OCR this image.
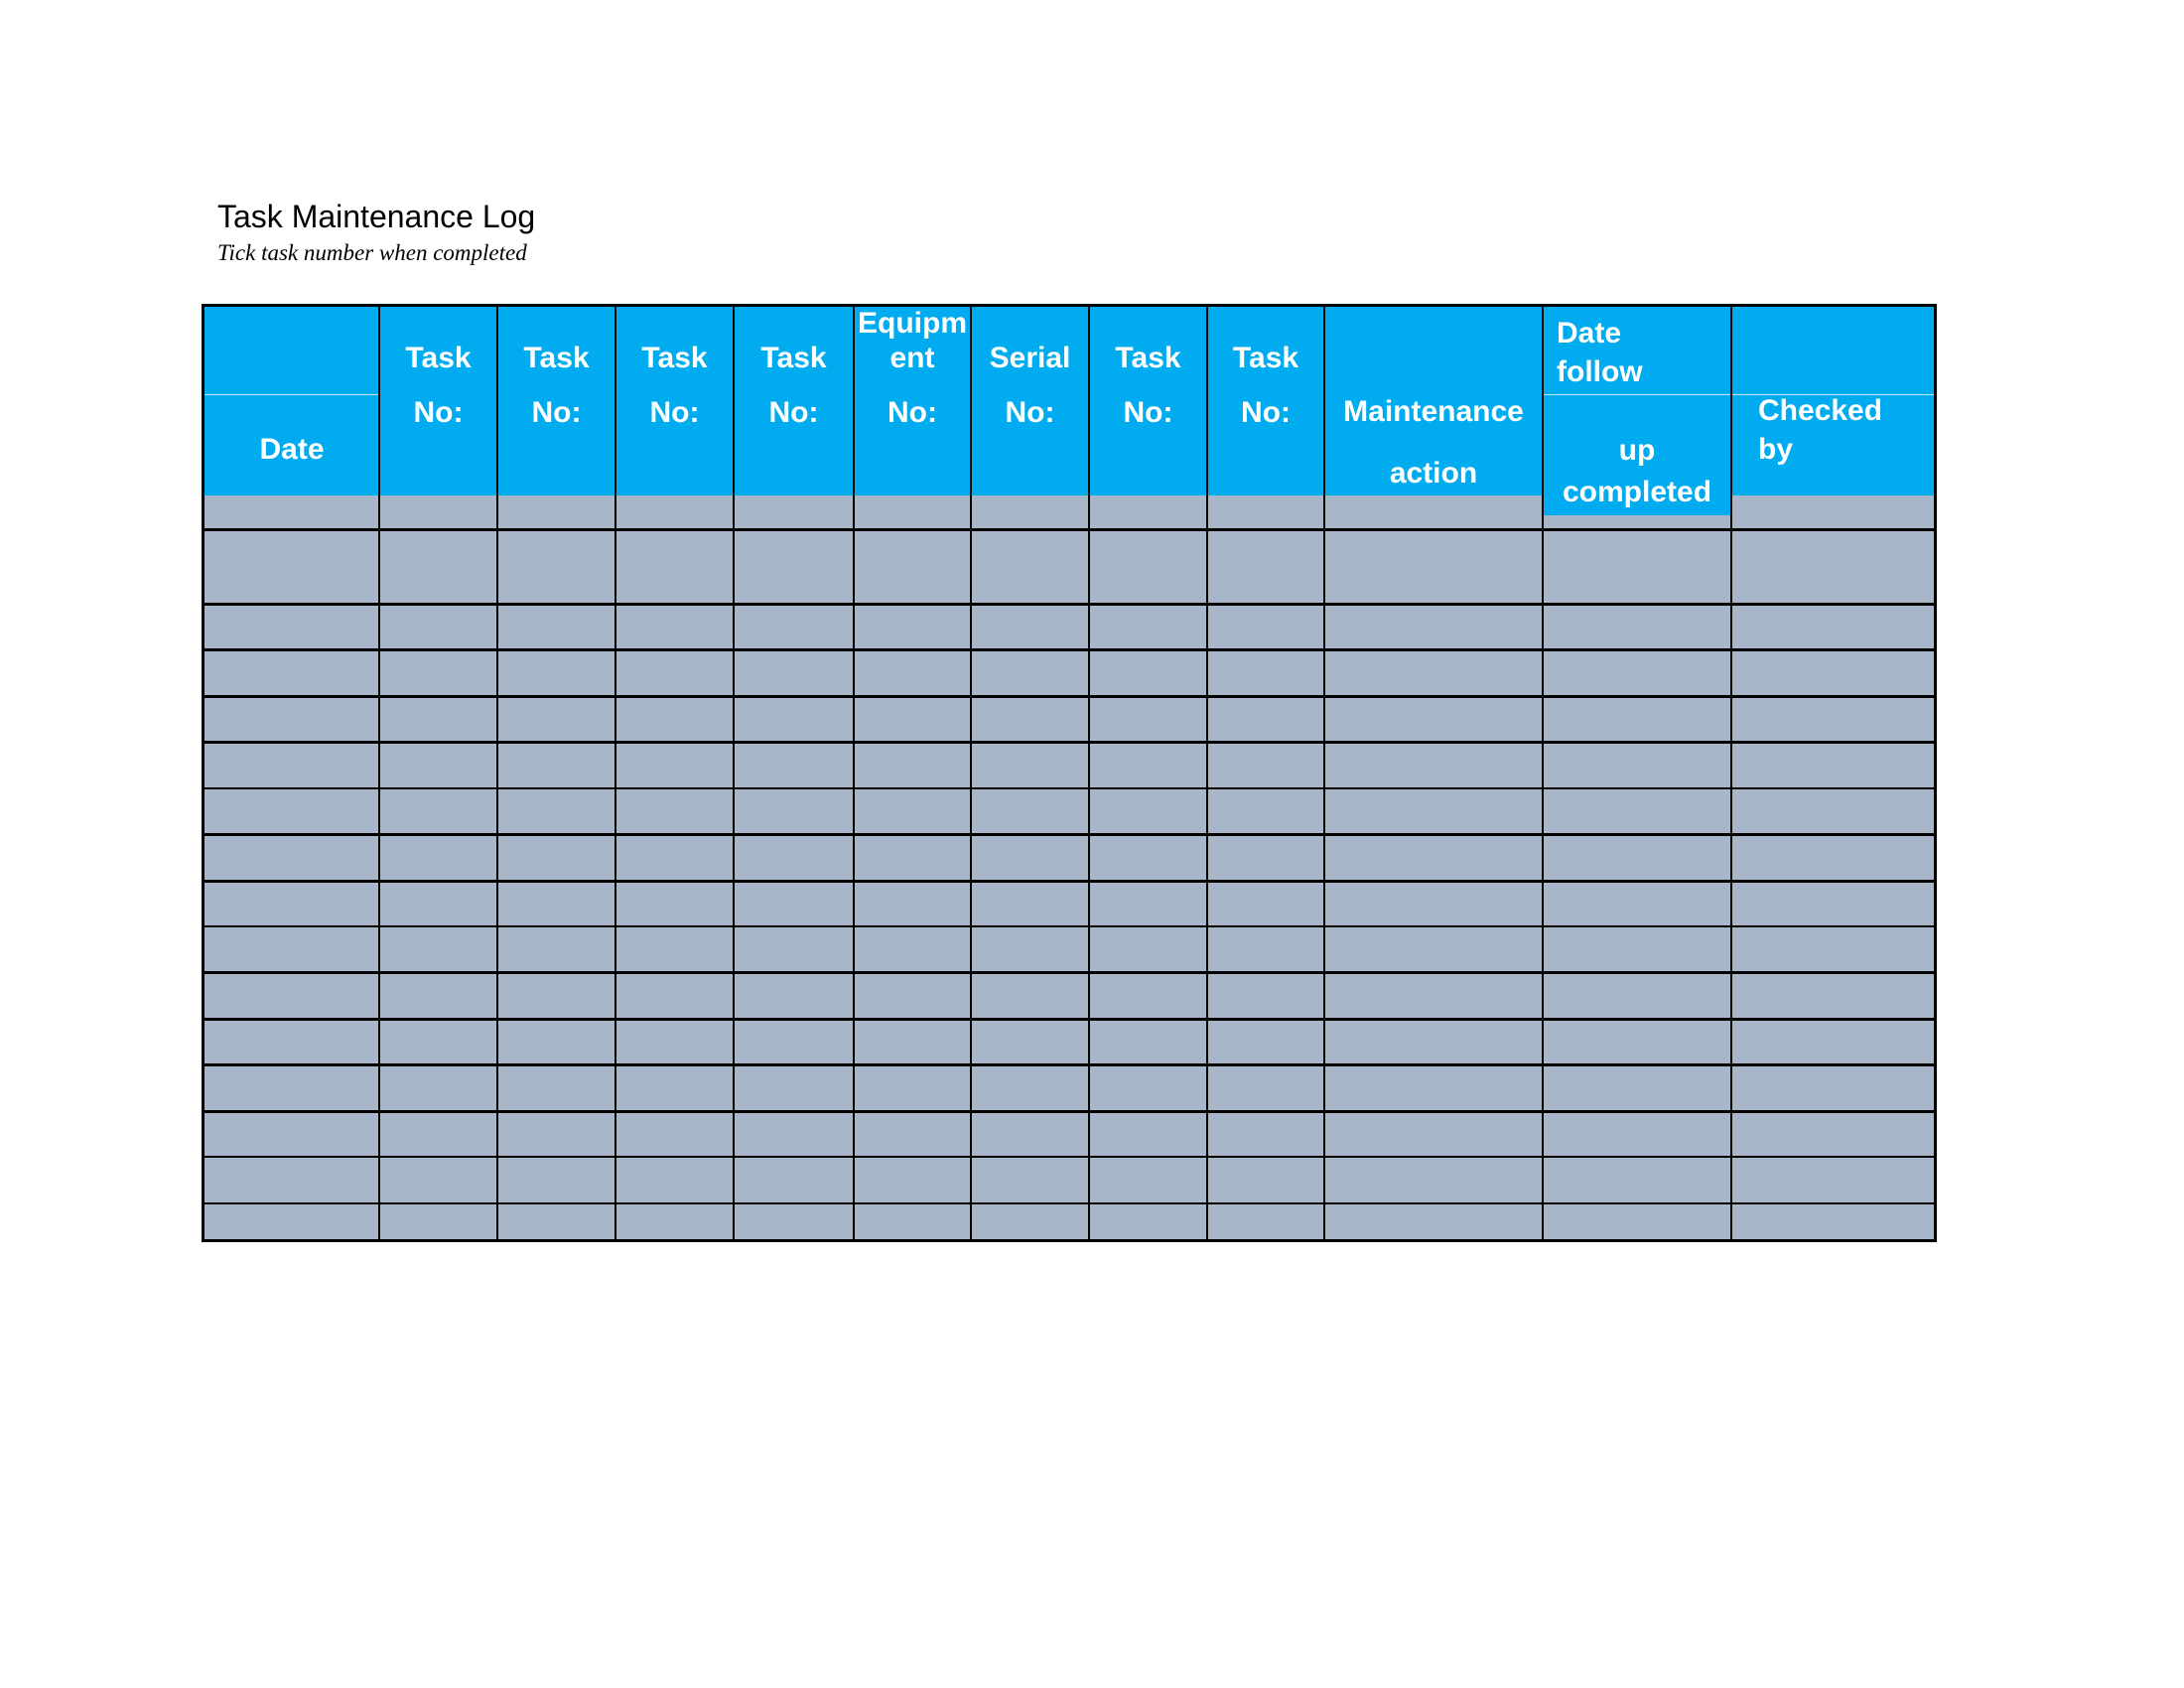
Task Maintenance Log
Tick task number when completed
Date
Task
No:
Task
No:
Task
No:
Task
No:
Equipm
ent
No:
Serial
No:
Task
No:
Task
No:	Maintenance
action
Date
follow
up
completed
Checked
by
